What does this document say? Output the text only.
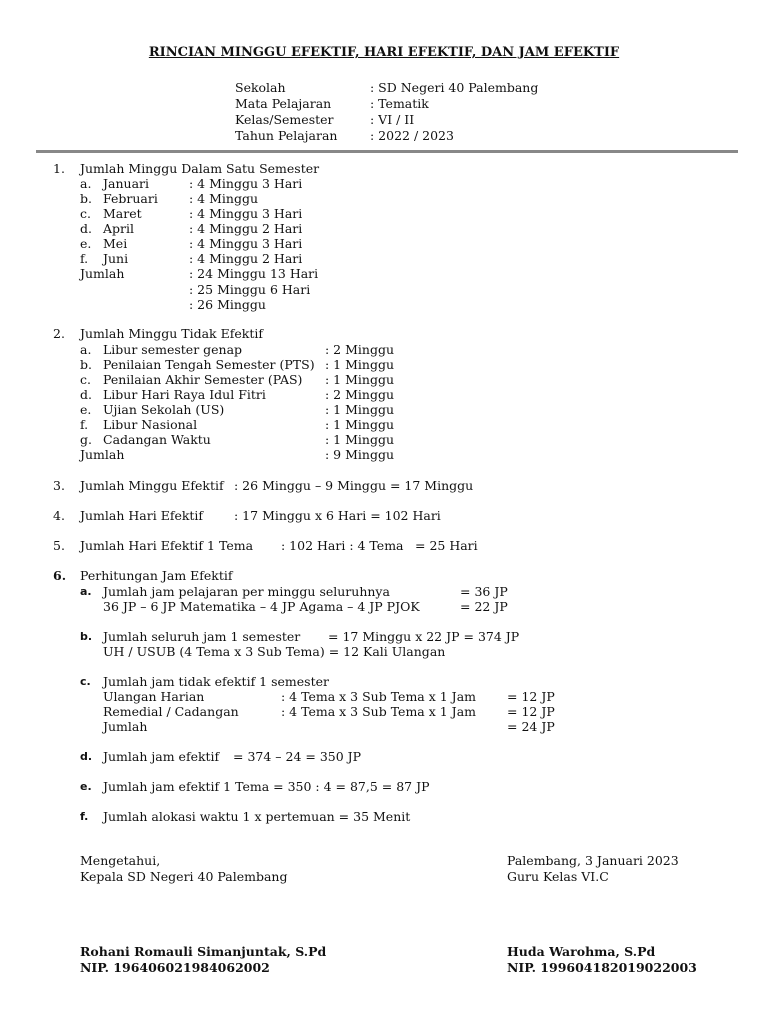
RINCIAN MINGGU EFEKTIF, HARI EFEKTIF, DAN JAM EFEKTIF
Sekolah	: SD Negeri 40 Palembang
Mata Pelajaran	: Tematik
Kelas/Semester	: VI / II
Tahun Pelajaran	: 2022 / 2023
1. Jumlah Minggu Dalam Satu Semester
a. Januari	: 4 Minggu 3 Hari
b. Februari : 4 Minggu
c. Maret	: 4 Minggu 3 Hari
d. April	: 4 Minggu 2 Hari
e. Mei	: 4 Minggu 3 Hari
f. Juni	: 4 Minggu 2 Hari
Jumlah	: 24 Minggu 13 Hari
: 25 Minggu 6 Hari
: 26 Minggu
2. Jumlah Minggu Tidak Efektif
a. Libur semester genap	: 2 Minggu
b. Penilaian Tengah Semester (PTS) : 1 Minggu
c. Penilaian Akhir Semester (PAS) : 1 Minggu
d. Libur Hari Raya Idul Fitri	: 2 Minggu
e. Ujian Sekolah (US)	: 1 Minggu
f. Libur Nasional	: 1 Minggu
g. Cadangan Waktu	: 1 Minggu
Jumlah	: 9 Minggu
3. Jumlah Minggu Efektif : 26 Minggu – 9 Minggu = 17 Minggu
4. Jumlah Hari Efektif : 17 Minggu x 6 Hari = 102 Hari
5. Jumlah Hari Efektif 1 Tema : 102 Hari : 4 Tema = 25 Hari
6. Perhitungan Jam Efektif
a. Jumlah jam pelajaran per minggu seluruhnya	= 36 JP
36 JP – 6 JP Matematika – 4 JP Agama – 4 JP PJOK	= 22 JP
b. Jumlah seluruh jam 1 semester = 17 Minggu x 22 JP = 374 JP
UH / USUB (4 Tema x 3 Sub Tema) = 12 Kali Ulangan
c. Jumlah jam tidak efektif 1 semester
Ulangan Harian	: 4 Tema x 3 Sub Tema x 1 Jam = 12 JP
Remedial / Cadangan	: 4 Tema x 3 Sub Tema x 1 Jam = 12 JP
Jumlah	= 24 JP
d. Jumlah jam efektif = 374 – 24 = 350 JP
e. Jumlah jam efektif 1 Tema = 350 : 4 = 87,5 = 87 JP
f. Jumlah alokasi waktu 1 x pertemuan = 35 Menit
Mengetahui,
Kepala SD Negeri 40 Palembang
Rohani Romauli Simanjuntak, S.Pd
NIP. 196406021984062002
Palembang, 3 Januari 2023
Guru Kelas VI.C
Huda Warohma, S.Pd
NIP. 199604182019022003
